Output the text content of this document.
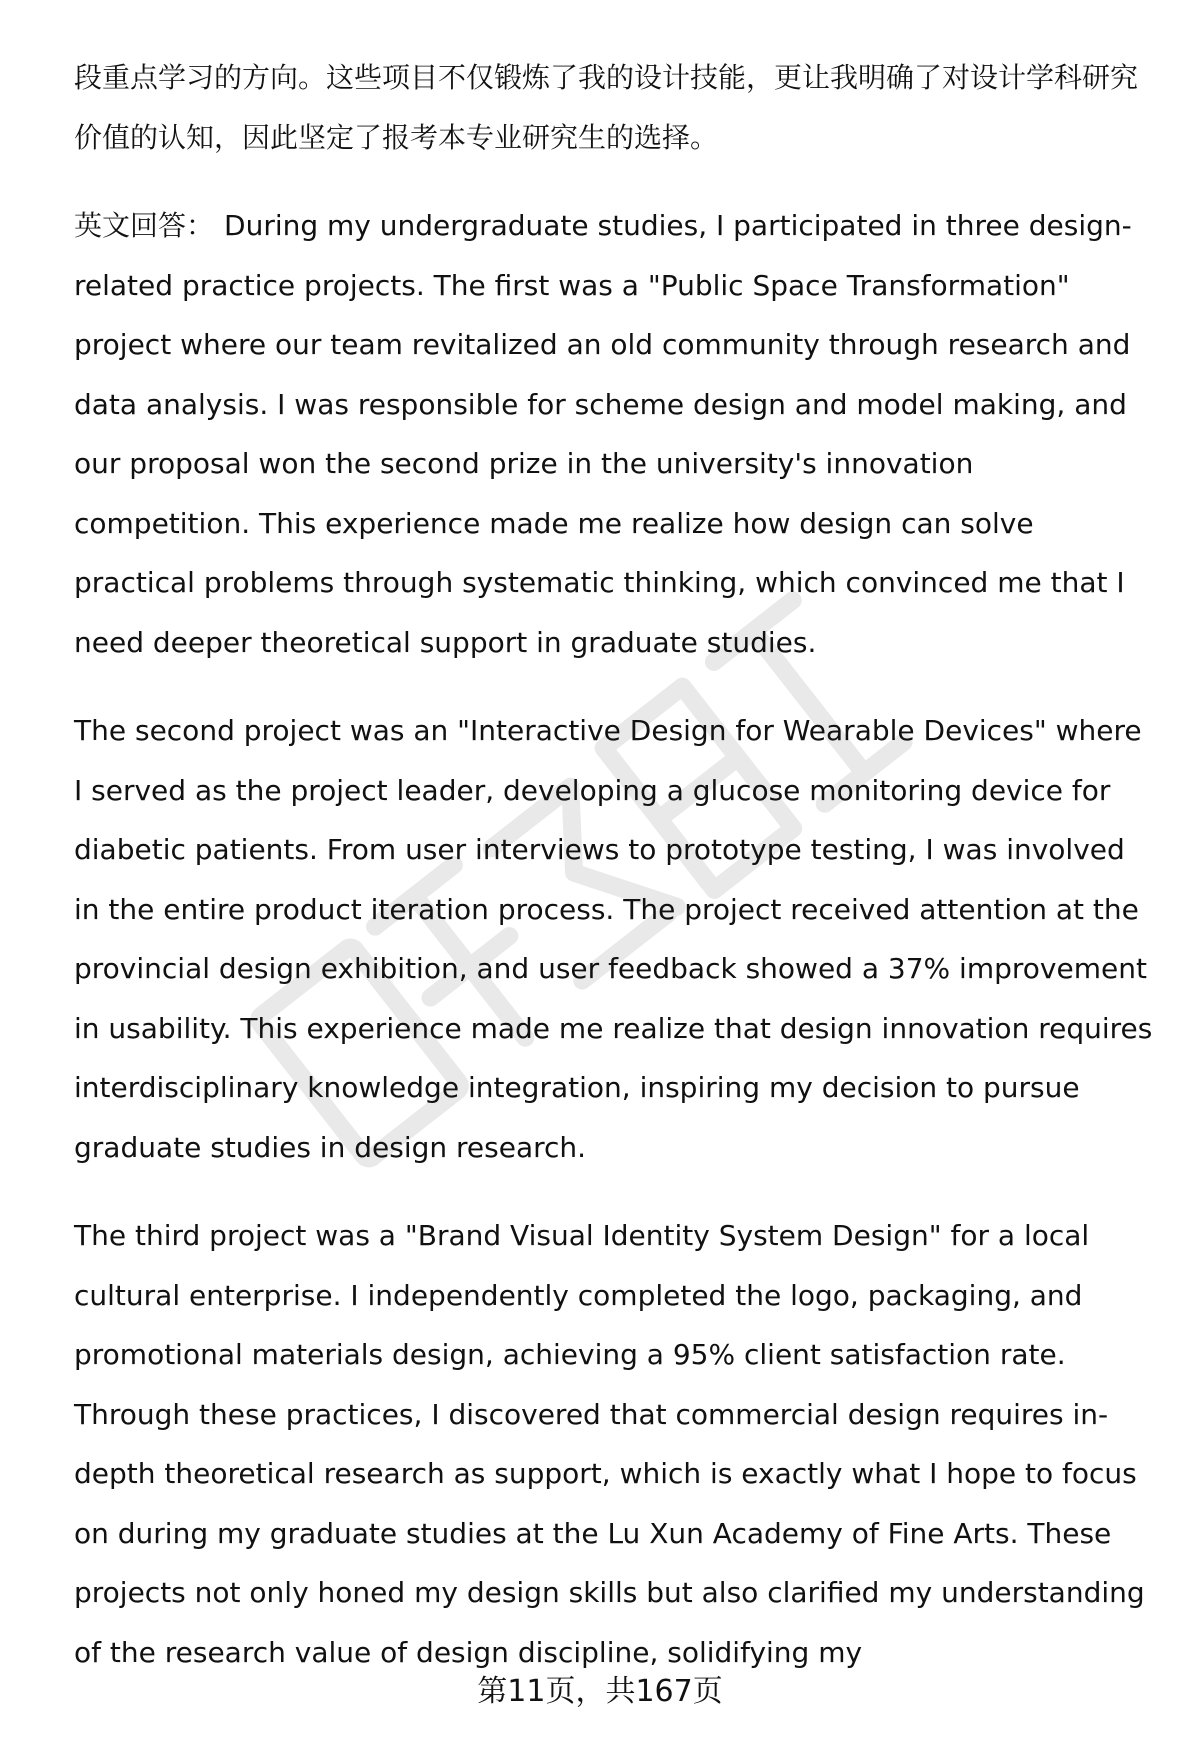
段重点学习的方向。这些项目不仅锻炼了我的设计技能，更让我明确了对设计学科研究价值的认知，因此坚定了报考本专业研究生的选择。

英文回答： During my undergraduate studies, I participated in three design-related practice projects. The first was a "Public Space Transformation" project where our team revitalized an old community through research and data analysis. I was responsible for scheme design and model making, and our proposal won the second prize in the university's innovation competition. This experience made me realize how design can solve practical problems through systematic thinking, which convinced me that I need deeper theoretical support in graduate studies.

The second project was an "Interactive Design for Wearable Devices" where I served as the project leader, developing a glucose monitoring device for diabetic patients. From user interviews to prototype testing, I was involved in the entire product iteration process. The project received attention at the provincial design exhibition, and user feedback showed a 37% improvement in usability. This experience made me realize that design innovation requires interdisciplinary knowledge integration, inspiring my decision to pursue graduate studies in design research.

The third project was a "Brand Visual Identity System Design" for a local cultural enterprise. I independently completed the logo, packaging, and promotional materials design, achieving a 95% client satisfaction rate. Through these practices, I discovered that commercial design requires in-depth theoretical research as support, which is exactly what I hope to focus on during my graduate studies at the Lu Xun Academy of Fine Arts. These projects not only honed my design skills but also clarified my understanding of the research value of design discipline, solidifying my

第11页，共167页
